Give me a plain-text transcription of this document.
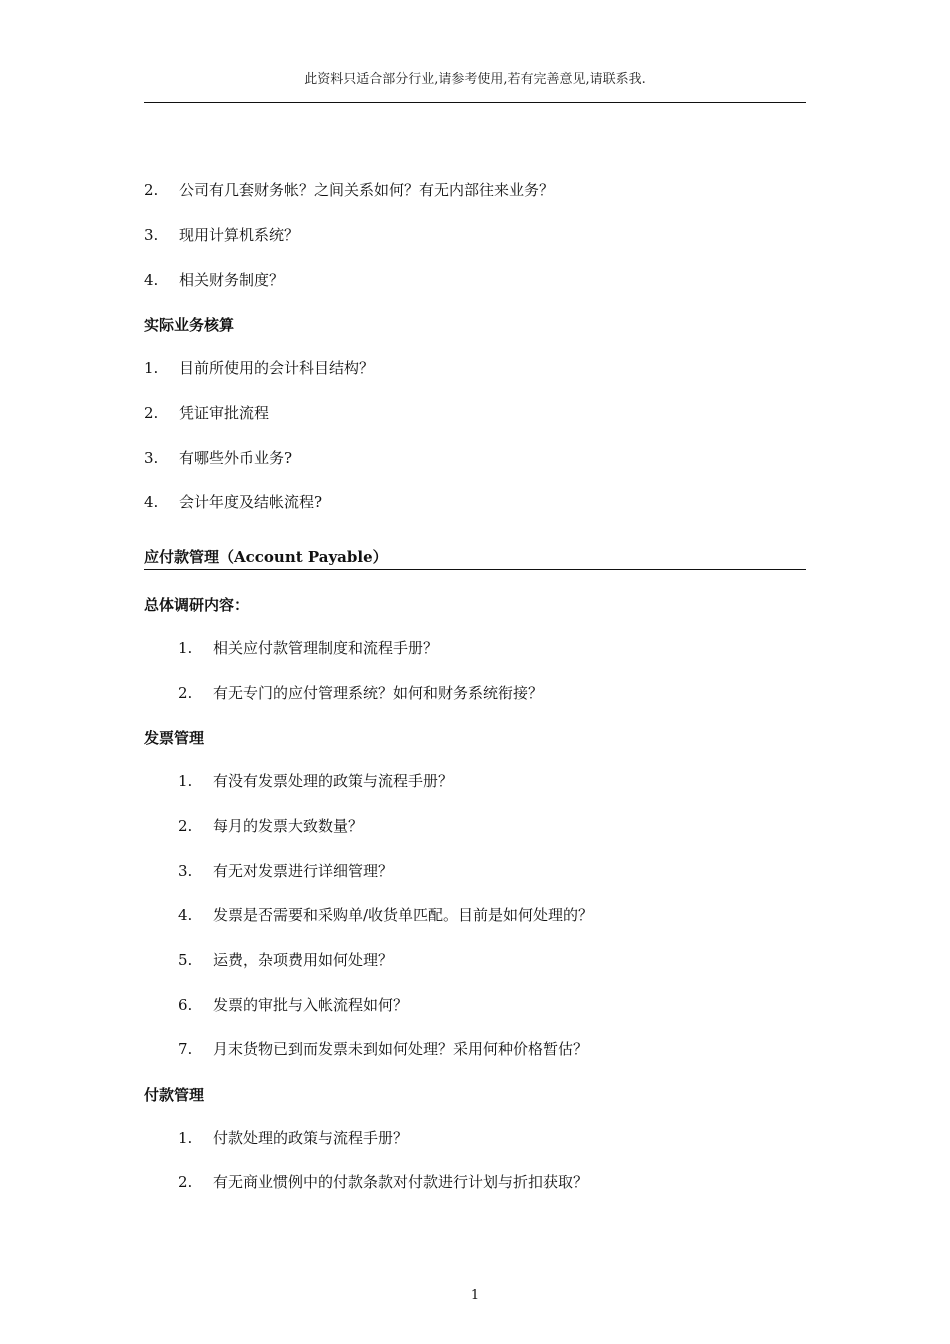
此资料只适合部分行业,请参考使用,若有完善意见,请联系我.
2. 公司有几套财务帐？之间关系如何？有无内部往来业务？
3. 现用计算机系统？
4. 相关财务制度？
实际业务核算
1. 目前所使用的会计科目结构？
2. 凭证审批流程
3. 有哪些外币业务?
4. 会计年度及结帐流程?
应付款管理（Account Payable）
总体调研内容：
1. 相关应付款管理制度和流程手册？
2. 有无专门的应付管理系统？如何和财务系统衔接？
发票管理
1. 有没有发票处理的政策与流程手册？
2. 每月的发票大致数量？
3. 有无对发票进行详细管理？
4. 发票是否需要和采购单/收货单匹配。目前是如何处理的？
5. 运费，杂项费用如何处理？
6. 发票的审批与入帐流程如何？
7. 月末货物已到而发票未到如何处理？采用何种价格暂估？
付款管理
1. 付款处理的政策与流程手册？
2. 有无商业惯例中的付款条款对付款进行计划与折扣获取？
1
